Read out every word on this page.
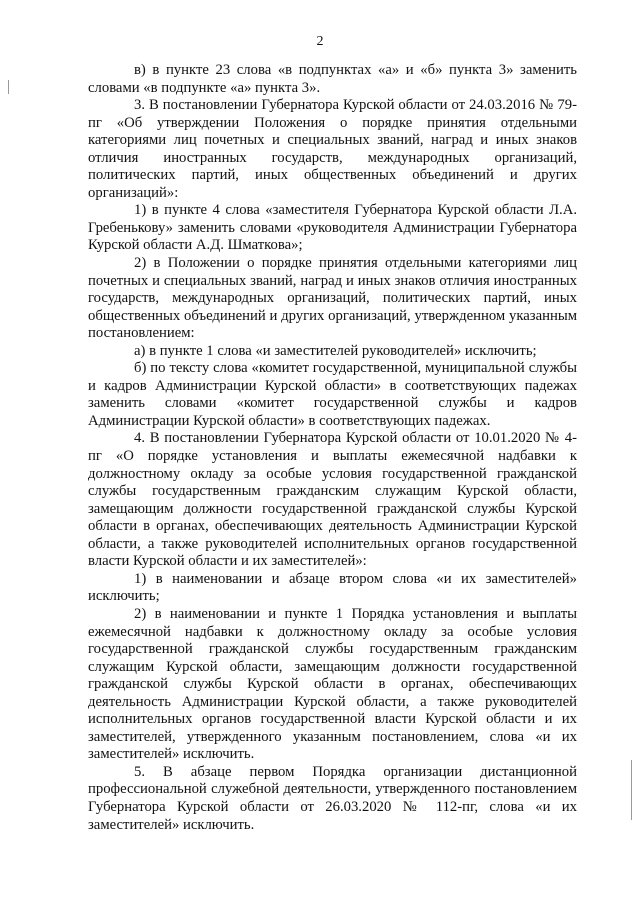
2

в) в пункте 23 слова «в подпунктах «а» и «б» пункта 3» заменить словами «в подпункте «а» пункта 3».

3. В постановлении Губернатора Курской области от 24.03.2016 № 79-пг «Об утверждении Положения о порядке принятия отдельными категориями лиц почетных и специальных званий, наград и иных знаков отличия иностранных государств, международных организаций, политических партий, иных общественных объединений и других организаций»:

1) в пункте 4 слова «заместителя Губернатора Курской области Л.А. Гребенькову» заменить словами «руководителя Администрации Губернатора Курской области А.Д. Шматкова»;

2) в Положении о порядке принятия отдельными категориями лиц почетных и специальных званий, наград и иных знаков отличия иностранных государств, международных организаций, политических партий, иных общественных объединений и других организаций, утвержденном указанным постановлением:

а) в пункте 1 слова «и заместителей руководителей» исключить;

б) по тексту слова «комитет государственной, муниципальной службы и кадров Администрации Курской области» в соответствующих падежах заменить словами «комитет государственной службы и кадров Администрации Курской области» в соответствующих падежах.

4. В постановлении Губернатора Курской области от 10.01.2020 № 4-пг «О порядке установления и выплаты ежемесячной надбавки к должностному окладу за особые условия государственной гражданской службы государственным гражданским служащим Курской области, замещающим должности государственной гражданской службы Курской области в органах, обеспечивающих деятельность Администрации Курской области, а также руководителей исполнительных органов государственной власти Курской области и их заместителей»:

1) в наименовании и абзаце втором слова «и их заместителей» исключить;

2) в наименовании и пункте 1 Порядка установления и выплаты ежемесячной надбавки к должностному окладу за особые условия государственной гражданской службы государственным гражданским служащим Курской области, замещающим должности государственной гражданской службы Курской области в органах, обеспечивающих деятельность Администрации Курской области, а также руководителей исполнительных органов государственной власти Курской области и их заместителей, утвержденного указанным постановлением, слова «и их заместителей» исключить.

5. В абзаце первом Порядка организации дистанционной профессиональной служебной деятельности, утвержденного постановлением Губернатора Курской области от 26.03.2020 № 112-пг, слова «и их заместителей» исключить.
